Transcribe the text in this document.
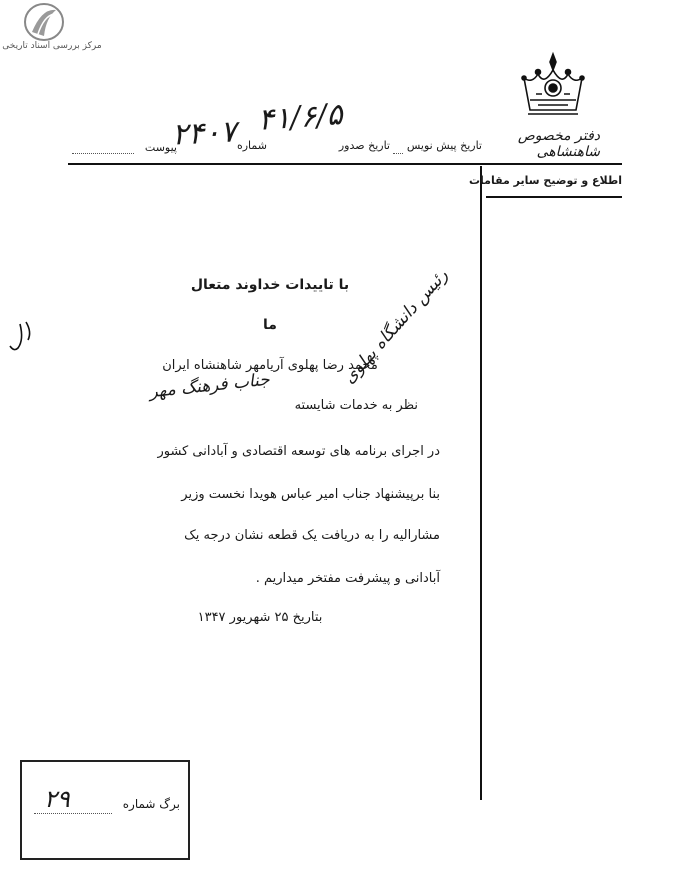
مرکز بررسی اسناد تاریخی
دفتر مخصوص شاهنشاهی
تاریخ پیش نویس
تاریخ صدور
۴۱/۶/۵
شماره
۲۴۰۷
پیوست
اطلاع و توضیح سایر مقامات
با تاییدات خداوند متعال
ما
محمد رضا پهلوی آریامهر شاهنشاه ایران
نظر به خدمات شایسته
جناب فرهنگ مهر	رئیس دانشگاه پهلوی
در اجرای برنامه های توسعه اقتصادی و آبادانی کشور
بنا برپیشنهاد جناب امیر عباس هویدا نخست وزیر
مشارالیه را به دریافت یک قطعه نشان درجه یک
آبادانی و پیشرفت مفتخر میداریم .
بتاریخ ۲۵ شهریور ۱۳۴۷
برگ شماره
۲۹
